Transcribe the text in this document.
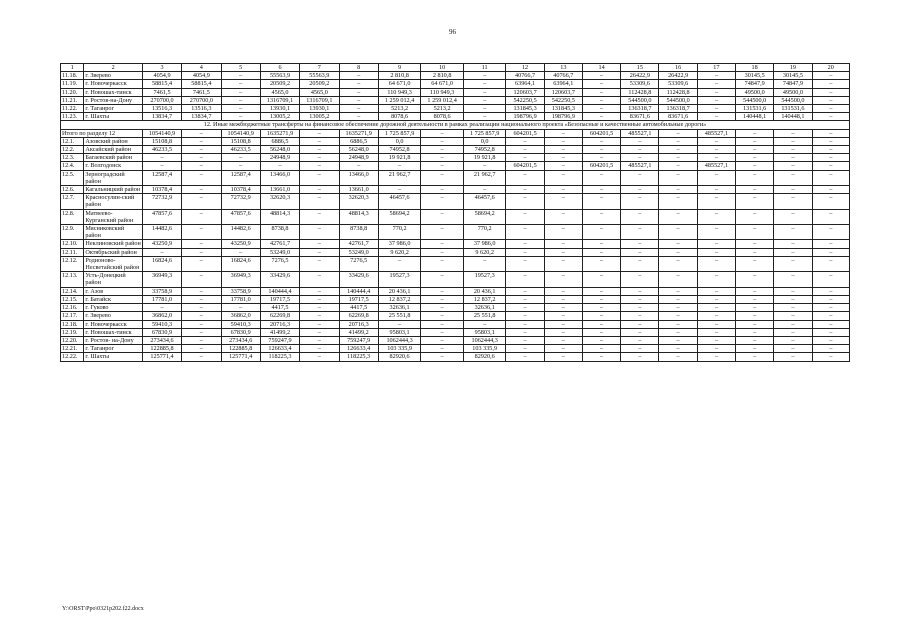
96
1	2	3	4	5	6	7	8	9	10	11	12	13	14	15	16	17	18	19	20
11.18.	г. Зверево	4054,9	4054,9	–	55563,9	55563,9	–	2 810,8	2 810,8	–	40766,7	40766,7	–	26422,9	26422,9	–	30145,5	30145,5	–
11.19.	г. Новочеркасск	58815,4	58815,4	–	20509,2	20509,2	–	64 671,0	64 671,0	–	63964,1	63964,1	–	53309,6	53309,6	–	74847,9	74847,9	–
11.20.	г. Новошах-тинск	7461,5	7461,5	–	4565,0	4565,0	–	110 949,3	110 949,3	–	120603,7	120603,7	–	112428,8	112428,8	–	49500,0	49500,0	–
11.21.	г. Ростов-на-Дону	270700,0	270700,0	–	1316709,1	1316709,1	–	1 259 012,4	1 259 012,4	–	542250,5	542250,5	–	544500,0	544500,0	–	544500,0	544500,0	–
11.22.	г. Таганрог	13516,3	13516,3	–	13930,1	13930,1	–	5213,2	5213,2	–	131845,3	131845,3	–	136318,7	136318,7	–	131531,6	131531,6	–
11.23.	г. Шахты	13834,7	13834,7	–	13005,2	13005,2	–	8078,6	8078,6	–	198796,9	198796,9	–	83671,6	83671,6	–	140448,1	140448,1	–
12. Иные межбюджетные трансферты на финансовое обеспечение дорожной деятельности в рамках реализации национального проекта «Безопасные и качественные автомобильные дороги»																			
Итого по разделу 12		1054140,9	–	1054140,9	1635271,9	–	1635271,9	1 725 857,9	–	1 725 857,9	604201,5	–	604201,5	485527,1	–	485527,1	–	–	–
12.1.	Азовский район	15108,8	–	15108,8	6886,5	–	6886,5	0,0	–	0,0	–	–	–	–	–	–	–	–	–
12.2.	Аксайский район	46233,5	–	46233,5	56248,0	–	56248,0	74952,8	–	74952,8	–	–	–	–	–	–	–	–	–
12.3.	Багаевский район	–	–	–	24948,9	–	24948,9	19 921,8	–	19 921,8	–	–	–	–	–	–	–	–	–
12.4.	г. Волгодонск	–	–	–	–	–	–	–	–	–	604201,5	–	604201,5	485527,1	–	485527,1	–	–	–
12.5.	Зерноградский район	12587,4	–	12587,4	13466,0	–	13466,0	21 962,7	–	21 962,7	–	–	–	–	–	–	–	–	–
12.6.	Кагальницкий район	10378,4	–	10378,4	13661,0	–	13661,0	–	–	–	–	–	–	–	–	–	–	–	–
12.7.	Красносулин-ский район	72732,9	–	72732,9	32620,3	–	32620,3	46457,6	–	46457,6	–	–	–	–	–	–	–	–	–
12.8.	Матвеево-Курганский район	47857,6	–	47857,6	48814,3	–	48814,3	58694,2	–	58694,2	–	–	–	–	–	–	–	–	–
12.9.	Мясниковский район	14482,6	–	14482,6	8738,8	–	8738,8	770,2	–	770,2	–	–	–	–	–	–	–	–	–
12.10.	Неклиновский район	43250,9	–	43250,9	42761,7	–	42761,7	37 986,0	–	37 986,0	–	–	–	–	–	–	–	–	–
12.11.	Октябрьский район	–	–	–	53249,0	–	53249,0	9 620,2	–	9 620,2	–	–	–	–	–	–	–	–	–
12.12.	Родионово-Несветайский район	16824,6	–	16824,6	7276,5	–	7276,5	–	–	–	–	–	–	–	–	–	–	–	–
12.13.	Усть-Донецкий район	36949,3	–	36949,3	33429,6	–	33429,6	19527,3	–	19527,3	–	–	–	–	–	–	–	–	–
12.14.	г. Азов	33758,9	–	33758,9	140444,4	–	140444,4	20 436,1	–	20 436,1	–	–	–	–	–	–	–	–	–
12.15.	г. Батайск	17781,0	–	17781,0	19717,5	–	19717,5	12 837,2	–	12 837,2	–	–	–	–	–	–	–	–	–
12.16.	г. Гуково	–	–	–	4417,5	–	4417,5	32636,1	–	32636,1	–	–	–	–	–	–	–	–	–
12.17.	г. Зверево	36862,0	–	36862,0	62269,8	–	62269,8	25 551,8	–	25 551,8	–	–	–	–	–	–	–	–	–
12.18.	г. Новочеркасск	59410,3	–	59410,3	20716,3	–	20716,3	–	–	–	–	–	–	–	–	–	–	–	–
12.19.	г. Новошах-тинск	67830,9	–	67830,9	41499,2	–	41499,2	95803,1	–	95803,1	–	–	–	–	–	–	–	–	–
12.20.	г. Ростов- на-Дону	273434,6	–	273434,6	759247,9	–	759247,9	1062444,3	–	1062444,3	–	–	–	–	–	–	–	–	–
12.21.	г. Таганрог	122885,8	–	122885,8	126633,4	–	126633,4	103 335,9	–	103 335,9	–	–	–	–	–	–	–	–	–
12.22.	г. Шахты	125771,4	–	125771,4	118225,3	–	118225,3	82920,6	–	82920,6	–	–	–	–	–	–	–	–	–
Y:\ORST\Ppo\0321p202.f22.docx
